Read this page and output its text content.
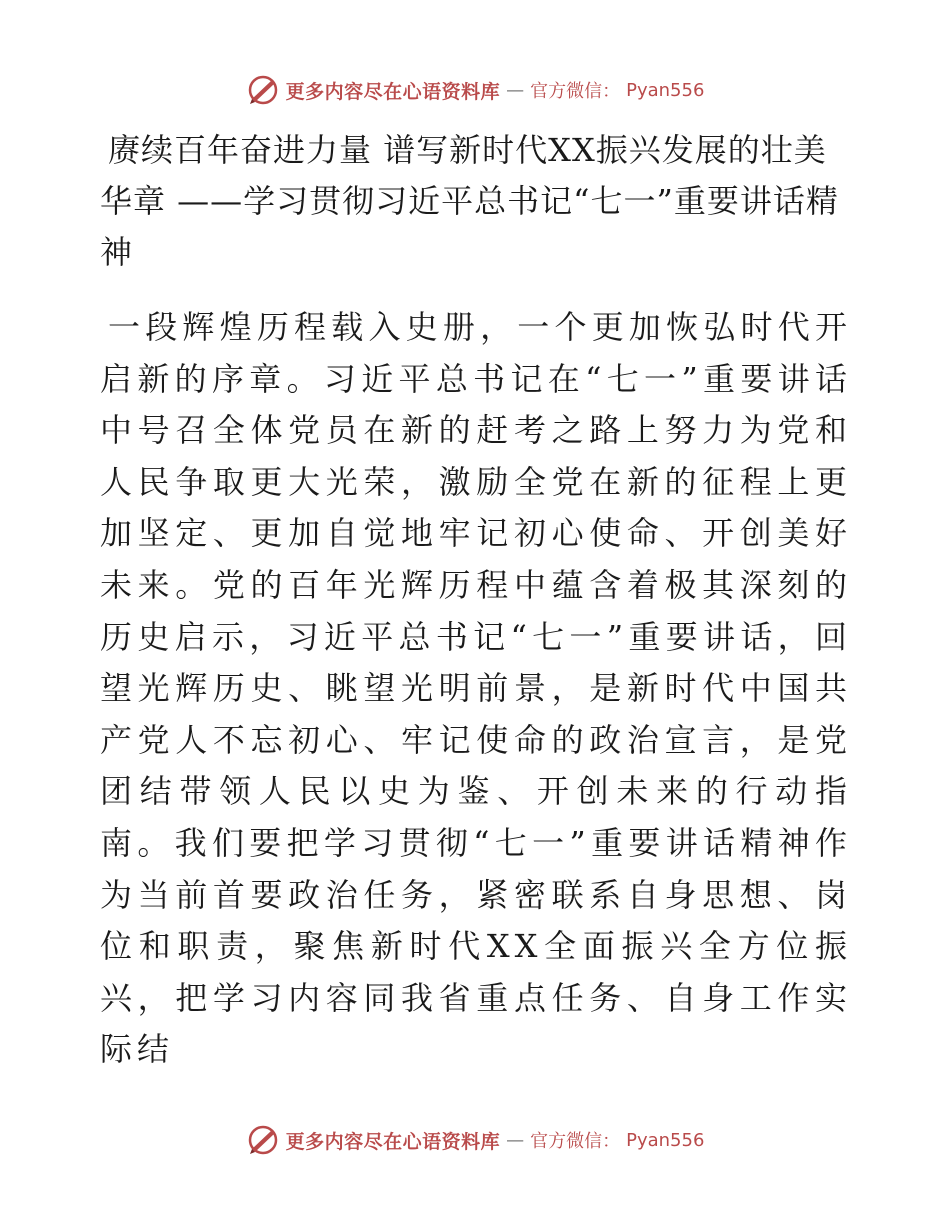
更多内容尽在心语资料库 — 官方微信： Pyan556
赓续百年奋进力量 谱写新时代XX振兴发展的壮美华章 ——学习贯彻习近平总书记“七一”重要讲话精神

一段辉煌历程载入史册，一个更加恢弘时代开启新的序章。习近平总书记在“七一”重要讲话中号召全体党员在新的赶考之路上努力为党和人民争取更大光荣，激励全党在新的征程上更加坚定、更加自觉地牢记初心使命、开创美好未来。党的百年光辉历程中蕴含着极其深刻的历史启示，习近平总书记“七一”重要讲话，回望光辉历史、眺望光明前景，是新时代中国共产党人不忘初心、牢记使命的政治宣言，是党团结带领人民以史为鉴、开创未来的行动指南。我们要把学习贯彻“七一”重要讲话精神作为当前首要政治任务，紧密联系自身思想、岗位和职责，聚焦新时代XX全面振兴全方位振兴，把学习内容同我省重点任务、自身工作实际结

更多内容尽在心语资料库 — 官方微信： Pyan556
